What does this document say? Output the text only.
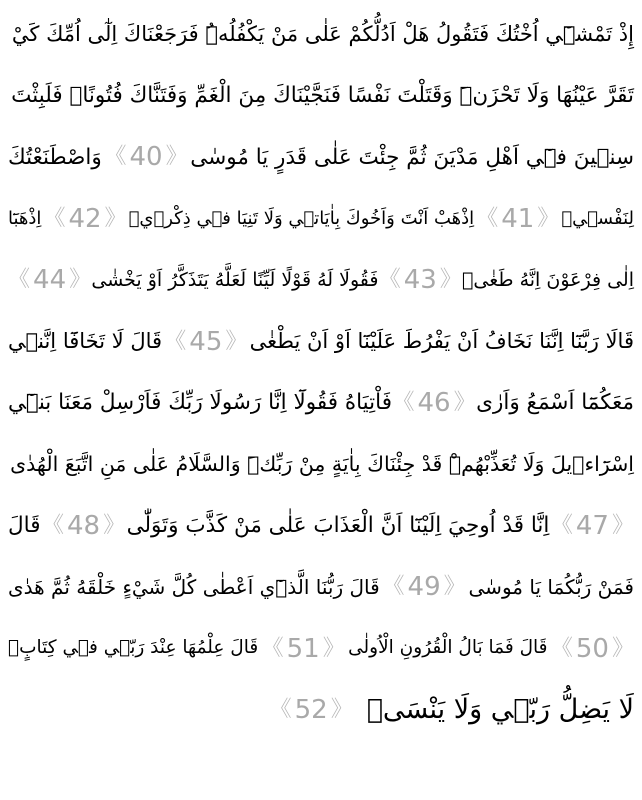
إِذْ تَمْشٖٓي اُخْتُكَ فَتَقُولُ هَلْ اَدُلُّكُمْ عَلٰى مَنْ يَكْفُلُهُۜ فَرَجَعْنَاكَ اِلٰٓى اُمِّكَ كَيْ
تَقَرَّ عَيْنُهَا وَلَا تَحْزَنَۜ وَقَتَلْتَ نَفْسًا فَنَجَّيْنَاكَ مِنَ الْغَمِّ وَفَتَنَّاكَ فُتُونًاۜ فَلَبِثْتَ
سِنٖينَ فٖٓي اَهْلِ مَدْيَنَ ثُمَّ جِئْتَ عَلٰى قَدَرٍ يَا مُوسٰى
《 40 》
وَاصْطَنَعْتُكَ
لِنَفْسٖيۚ
《 41 》
اِذْهَبْ اَنْتَ وَاَخُوكَ بِاٰيَاتٖي وَلَا تَنِيَا فٖي ذِكْرٖيۚ
《 42 》
اِذْهَبَٓا
اِلٰى فِرْعَوْنَ اِنَّهُ طَغٰىۚ
《 43 》
فَقُولَا لَهُ قَوْلًا لَيِّنًا لَعَلَّهُ يَتَذَكَّرُ اَوْ يَخْشٰى
《 44 》
قَالَا رَبَّنَٓا اِنَّنَا نَخَافُ اَنْ يَفْرُطَ عَلَيْنَٓا اَوْ اَنْ يَطْغٰى
《 45 》
قَالَ لَا تَخَافَٓا اِنَّنٖي
مَعَكُمَٓا اَسْمَعُ وَاَرٰى
《 46 》
فَاْتِيَاهُ فَقُولَٓا اِنَّا رَسُولَا رَبِّكَ فَاَرْسِلْ مَعَنَا بَنٖٓي
اِسْرَٓاءٖيلَ وَلَا تُعَذِّبْهُمْۜ قَدْ جِئْنَاكَ بِاٰيَةٍ مِنْ رَبِّكَۜ وَالسَّلَامُ عَلٰى مَنِ اتَّبَعَ الْهُدٰى
《 47 》
اِنَّا قَدْ اُوحِيَ اِلَيْنَٓا اَنَّ الْعَذَابَ عَلٰى مَنْ كَذَّبَ وَتَوَلّٰى
《 48 》
قَالَ
فَمَنْ رَبُّكُمَا يَا مُوسٰى
《 49 》
قَالَ رَبُّنَا الَّذٖٓي اَعْطٰى كُلَّ شَيْءٍ خَلْقَهُ ثُمَّ هَدٰى
《 50 》
قَالَ فَمَا بَالُ الْقُرُونِ الْاُولٰى
《 51 》
قَالَ عِلْمُهَا عِنْدَ رَبّٖي فٖي كِتَابٍۚ
لَا يَضِلُّ رَبّٖي وَلَا يَنْسَىۘ
《 52 》
